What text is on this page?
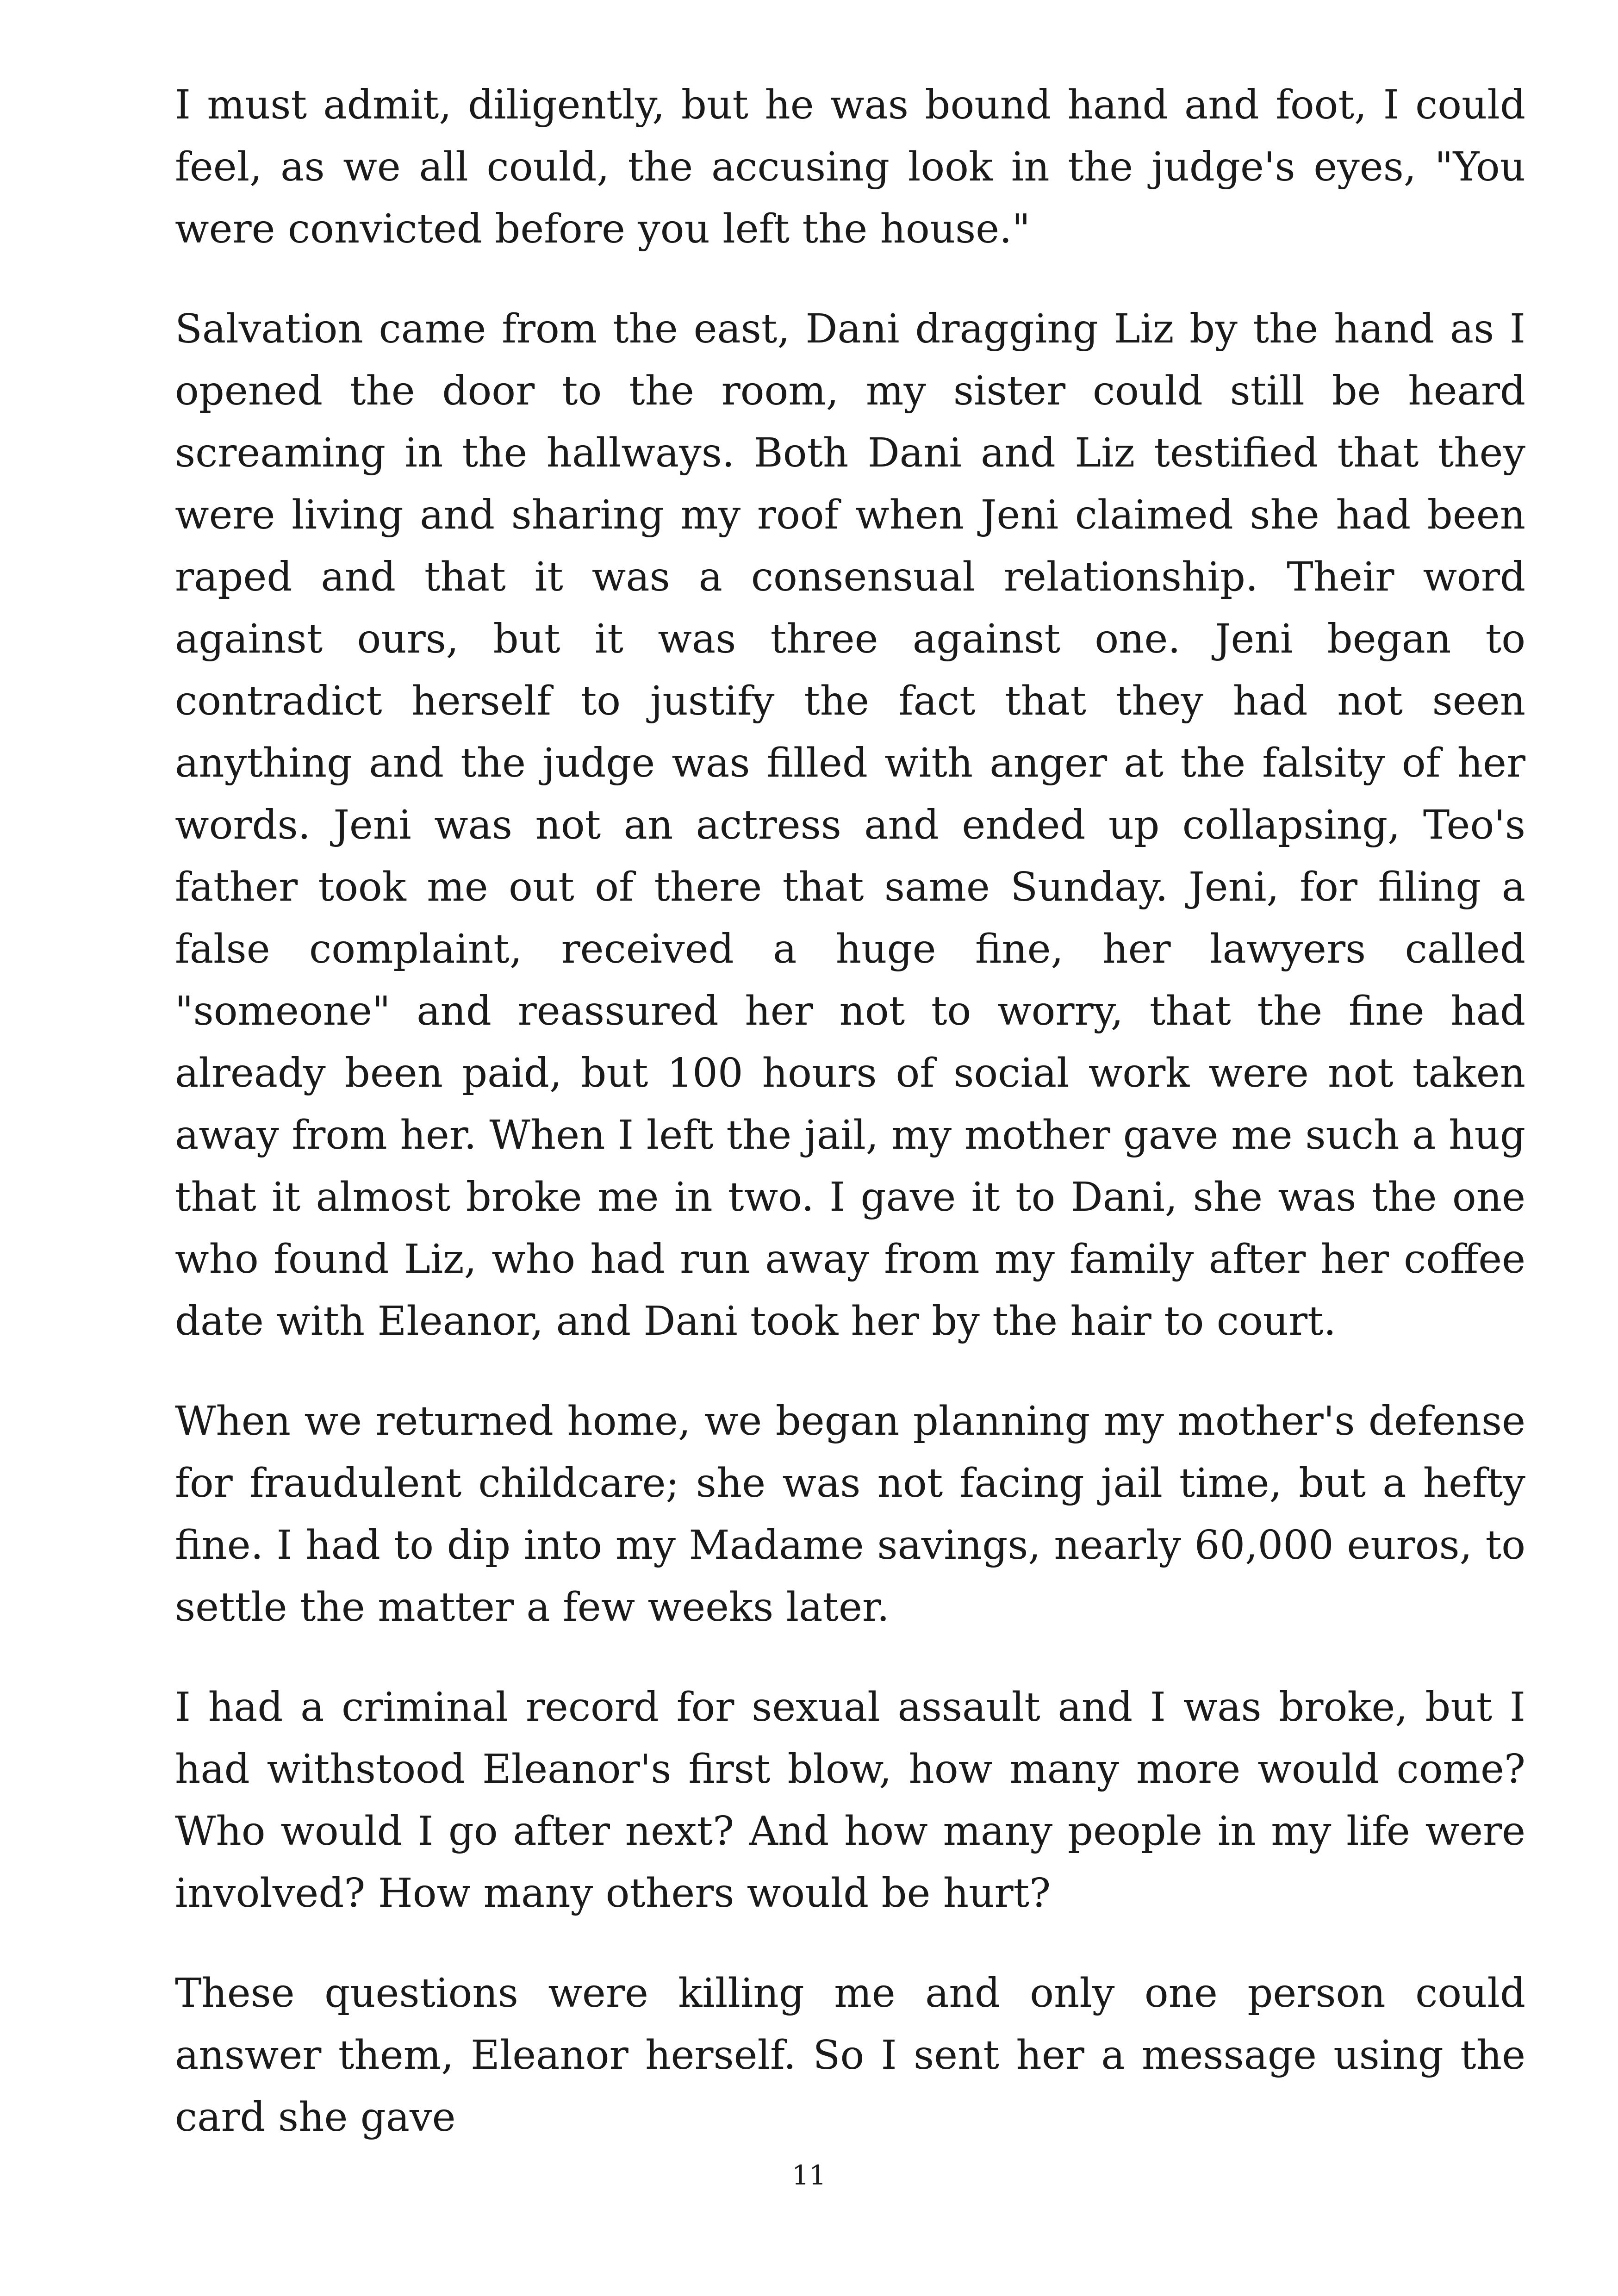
I must admit, diligently, but he was bound hand and foot, I could feel, as we all could, the accusing look in the judge's eyes, "You were convicted before you left the house."

Salvation came from the east, Dani dragging Liz by the hand as I opened the door to the room, my sister could still be heard screaming in the hallways. Both Dani and Liz testified that they were living and sharing my roof when Jeni claimed she had been raped and that it was a consensual relationship. Their word against ours, but it was three against one. Jeni began to contradict herself to justify the fact that they had not seen anything and the judge was filled with anger at the falsity of her words. Jeni was not an actress and ended up collapsing, Teo's father took me out of there that same Sunday. Jeni, for filing a false complaint, received a huge fine, her lawyers called "someone" and reassured her not to worry, that the fine had already been paid, but 100 hours of social work were not taken away from her. When I left the jail, my mother gave me such a hug that it almost broke me in two. I gave it to Dani, she was the one who found Liz, who had run away from my family after her coffee date with Eleanor, and Dani took her by the hair to court.

When we returned home, we began planning my mother's defense for fraudulent childcare; she was not facing jail time, but a hefty fine. I had to dip into my Madame savings, nearly 60,000 euros, to settle the matter a few weeks later.

I had a criminal record for sexual assault and I was broke, but I had withstood Eleanor's first blow, how many more would come? Who would I go after next? And how many people in my life were involved? How many others would be hurt?

These questions were killing me and only one person could answer them, Eleanor herself. So I sent her a message using the card she gave

11
